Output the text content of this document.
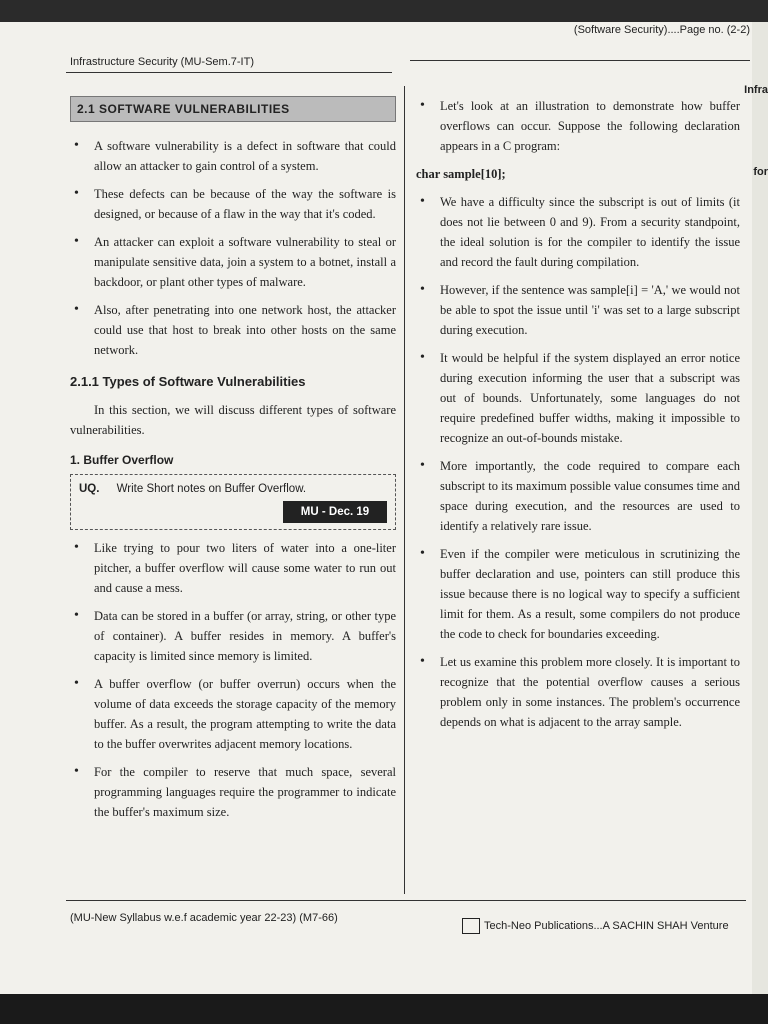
Infra
for
(Software Security)....Page no. (2-2)
Infrastructure Security (MU-Sem.7-IT)
2.1 SOFTWARE VULNERABILITIES
• A software vulnerability is a defect in software that could allow an attacker to gain control of a system.
• These defects can be because of the way the software is designed, or because of a flaw in the way that it's coded.
• An attacker can exploit a software vulnerability to steal or manipulate sensitive data, join a system to a botnet, install a backdoor, or plant other types of malware.
• Also, after penetrating into one network host, the attacker could use that host to break into other hosts on the same network.
2.1.1 Types of Software Vulnerabilities

In this section, we will discuss different types of software vulnerabilities.

1. Buffer Overflow
UQ. Write Short notes on Buffer Overflow.
MU - Dec. 19
• Like trying to pour two liters of water into a one-liter pitcher, a buffer overflow will cause some water to run out and cause a mess.
• Data can be stored in a buffer (or array, string, or other type of container). A buffer resides in memory. A buffer's capacity is limited since memory is limited.
• A buffer overflow (or buffer overrun) occurs when the volume of data exceeds the storage capacity of the memory buffer. As a result, the program attempting to write the data to the buffer overwrites adjacent memory locations.
• For the compiler to reserve that much space, several programming languages require the programmer to indicate the buffer's maximum size.
• Let's look at an illustration to demonstrate how buffer overflows can occur. Suppose the following declaration appears in a C program:
char sample[10];
• We have a difficulty since the subscript is out of limits (it does not lie between 0 and 9). From a security standpoint, the ideal solution is for the compiler to identify the issue and record the fault during compilation.
• However, if the sentence was sample[i] = 'A,' we would not be able to spot the issue until 'i' was set to a large subscript during execution.
• It would be helpful if the system displayed an error notice during execution informing the user that a subscript was out of bounds. Unfortunately, some languages do not require predefined buffer widths, making it impossible to recognize an out-of-bounds mistake.
• More importantly, the code required to compare each subscript to its maximum possible value consumes time and space during execution, and the resources are used to identify a relatively rare issue.
• Even if the compiler were meticulous in scrutinizing the buffer declaration and use, pointers can still produce this issue because there is no logical way to specify a sufficient limit for them. As a result, some compilers do not produce the code to check for boundaries exceeding.
• Let us examine this problem more closely. It is important to recognize that the potential overflow causes a serious problem only in some instances. The problem's occurrence depends on what is adjacent to the array sample.
(MU-New Syllabus w.e.f academic year 22-23) (M7-66)
Tech-Neo Publications...A SACHIN SHAH Venture
